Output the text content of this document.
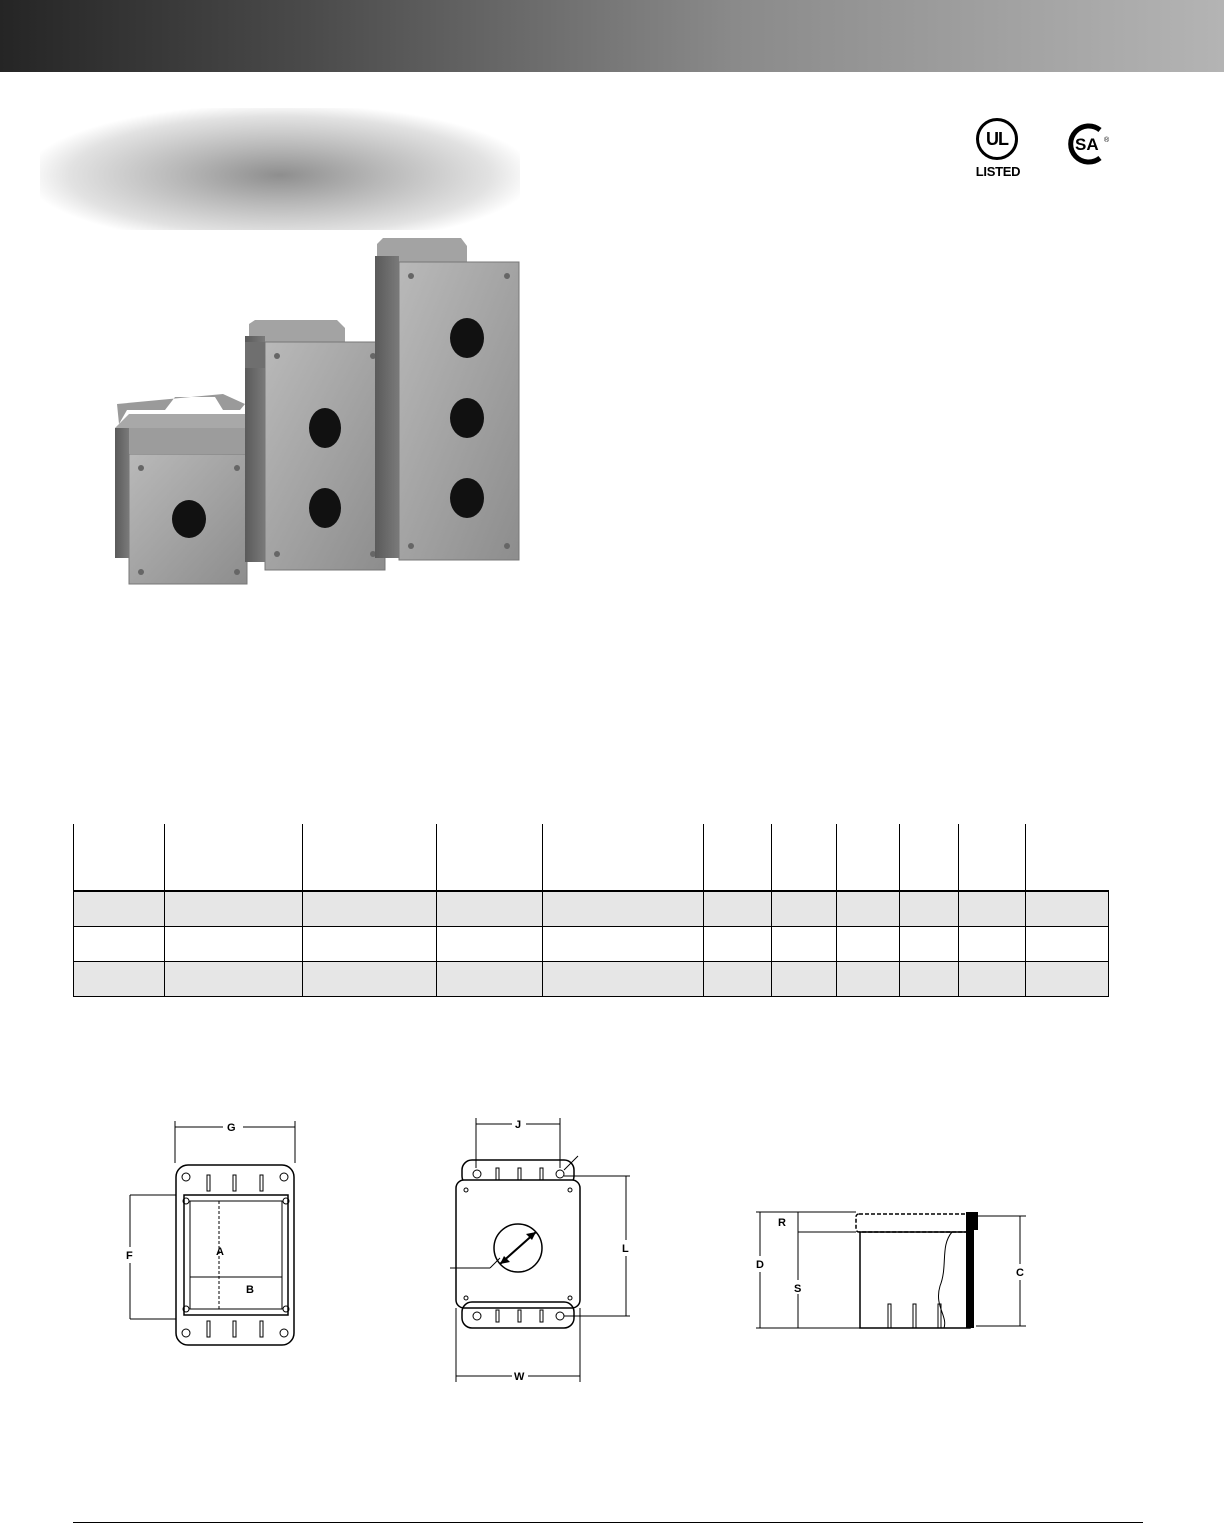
UL
LISTED
SA ®

G
F	A
B
J
L
W
D
R
S
C
